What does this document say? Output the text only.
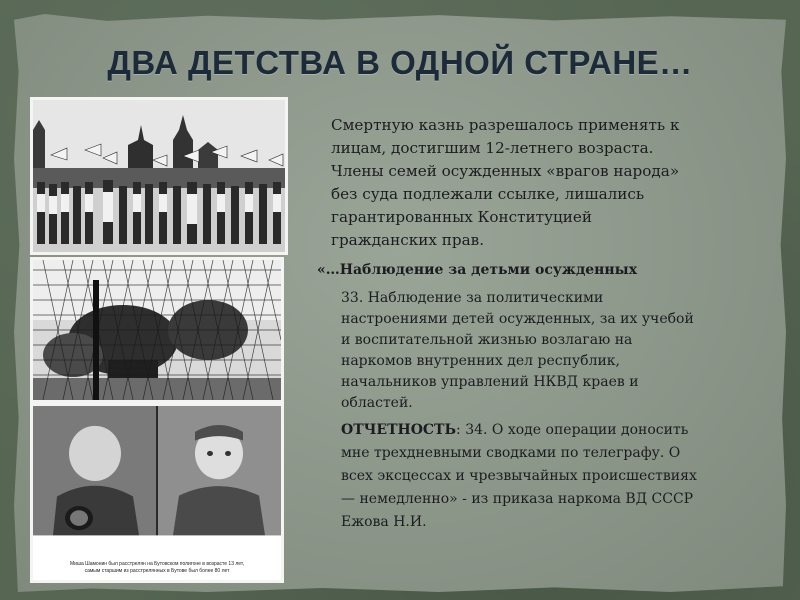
ДВА ДЕТСТВА В ОДНОЙ СТРАНЕ…
Миша Шамонин был расстрелян на Бутовском полигоне в возрасте 13 лет,
самым старшим из расстрелянных в Бутове был более 80 лет

Смертную казнь разрешалось применять к
лицам, достигшим 12-летнего возраста.
Члены семей осужденных «врагов народа»
без суда подлежали ссылке, лишались
гарантированных Конституцией
гражданских прав.

«…Наблюдение за детьми осужденных

33. Наблюдение за политическими
настроениями детей осужденных, за их учебой
и воспитательной жизнью возлагаю на
наркомов внутренних дел республик,
начальников управлений НКВД краев и
областей.

ОТЧЕТНОСТЬ: 34. О ходе операции доносить
мне трехдневными сводками по телеграфу. О
всех эксцессах и чрезвычайных происшествиях
— немедленно» - из приказа наркома ВД СССР
Ежова Н.И.
